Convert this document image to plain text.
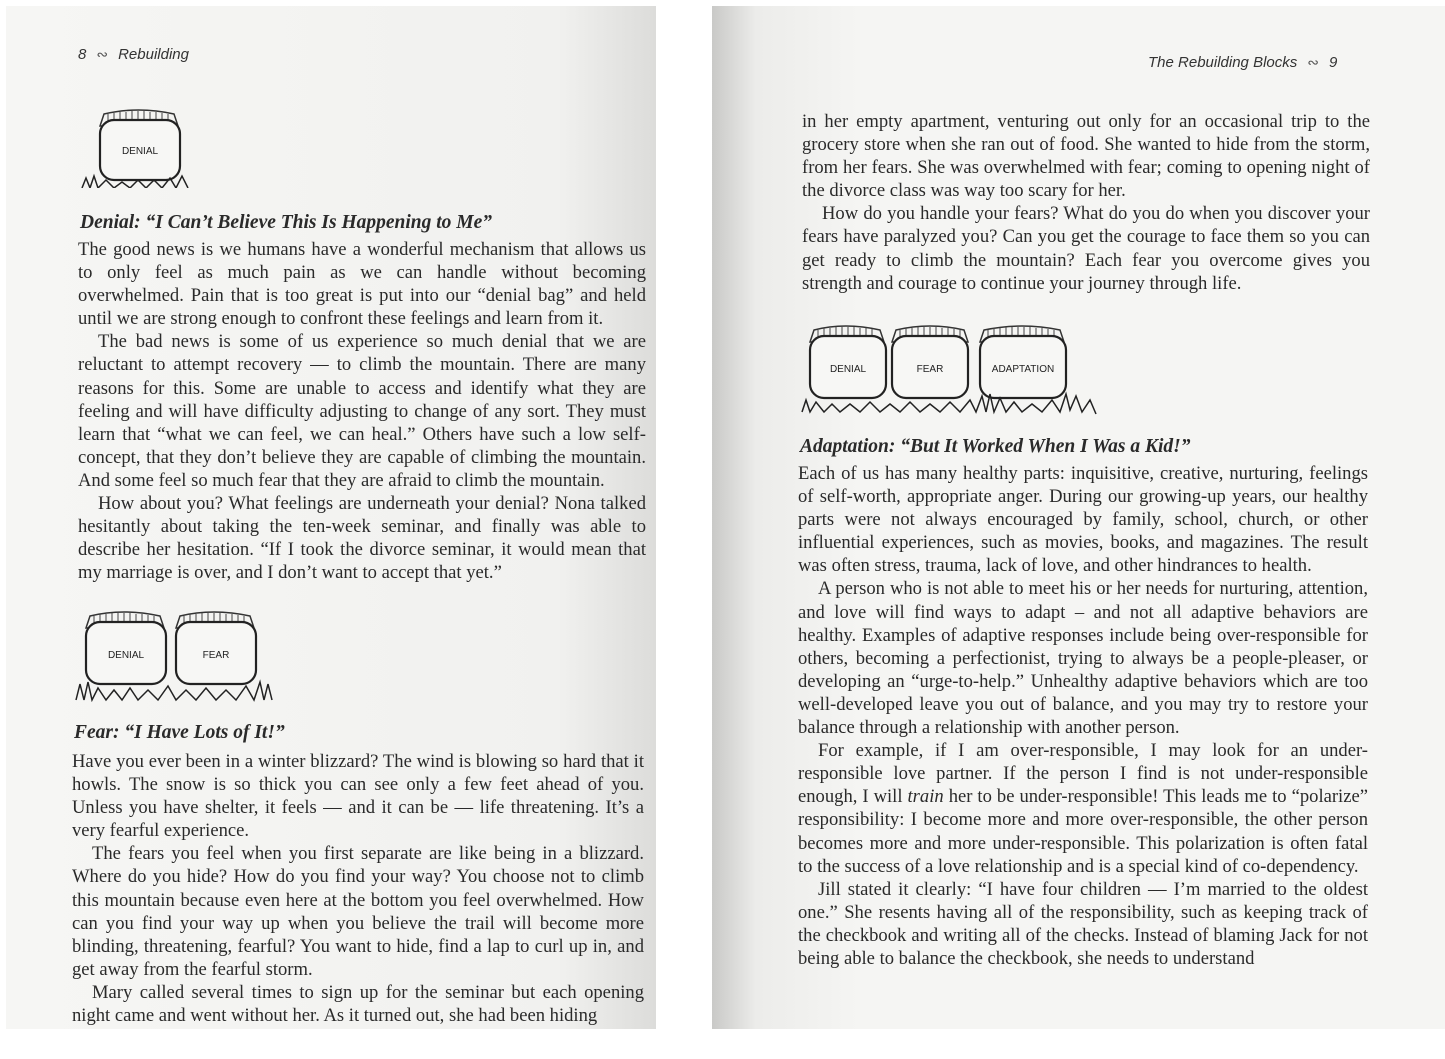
8 ∾ Rebuilding
DENIAL
Denial: “I Can’t Believe This Is Happening to Me”

The good news is we humans have a wonderful mechanism that allows us to only feel as much pain as we can handle without becoming overwhelmed. Pain that is too great is put into our “denial bag” and held until we are strong enough to confront these feelings and learn from it.

The bad news is some of us experience so much denial that we are reluctant to attempt recovery — to climb the mountain. There are many reasons for this. Some are unable to access and identify what they are feeling and will have difficulty adjusting to change of any sort. They must learn that “what we can feel, we can heal.” Others have such a low self-concept, that they don’t believe they are capable of climbing the mountain. And some feel so much fear that they are afraid to climb the mountain.

How about you? What feelings are underneath your denial? Nona talked hesitantly about taking the ten-week seminar, and finally was able to describe her hesitation. “If I took the divorce seminar, it would mean that my marriage is over, and I don’t want to accept that yet.”

DENIAL	FEAR
Fear: “I Have Lots of It!”

Have you ever been in a winter blizzard? The wind is blowing so hard that it howls. The snow is so thick you can see only a few feet ahead of you. Unless you have shelter, it feels — and it can be — life threatening. It’s a very fearful experience.

The fears you feel when you first separate are like being in a blizzard. Where do you hide? How do you find your way? You choose not to climb this mountain because even here at the bottom you feel overwhelmed. How can you find your way up when you believe the trail will become more blinding, threatening, fearful? You want to hide, find a lap to curl up in, and get away from the fearful storm.

Mary called several times to sign up for the seminar but each opening night came and went without her. As it turned out, she had been hiding

The Rebuilding Blocks ∾ 9

in her empty apartment, venturing out only for an occasional trip to the grocery store when she ran out of food. She wanted to hide from the storm, from her fears. She was overwhelmed with fear; coming to opening night of the divorce class was way too scary for her.

How do you handle your fears? What do you do when you discover your fears have paralyzed you? Can you get the courage to face them so you can get ready to climb the mountain? Each fear you overcome gives you strength and courage to continue your journey through life.

DENIAL	FEAR	ADAPTATION
Adaptation: “But It Worked When I Was a Kid!”

Each of us has many healthy parts: inquisitive, creative, nurturing, feelings of self-worth, appropriate anger. During our growing-up years, our healthy parts were not always encouraged by family, school, church, or other influential experiences, such as movies, books, and magazines. The result was often stress, trauma, lack of love, and other hindrances to health.

A person who is not able to meet his or her needs for nurturing, attention, and love will find ways to adapt – and not all adaptive behaviors are healthy. Examples of adaptive responses include being over-responsible for others, becoming a perfectionist, trying to always be a people-pleaser, or developing an “urge-to-help.” Unhealthy adaptive behaviors which are too well-developed leave you out of balance, and you may try to restore your balance through a relationship with another person.

For example, if I am over-responsible, I may look for an under-responsible love partner. If the person I find is not under-responsible enough, I will train her to be under-responsible! This leads me to “polarize” responsibility: I become more and more over-responsible, the other person becomes more and more under-responsible. This polarization is often fatal to the success of a love relationship and is a special kind of co-dependency.

Jill stated it clearly: “I have four children — I’m married to the oldest one.” She resents having all of the responsibility, such as keeping track of the checkbook and writing all of the checks. Instead of blaming Jack for not being able to balance the checkbook, she needs to understand
